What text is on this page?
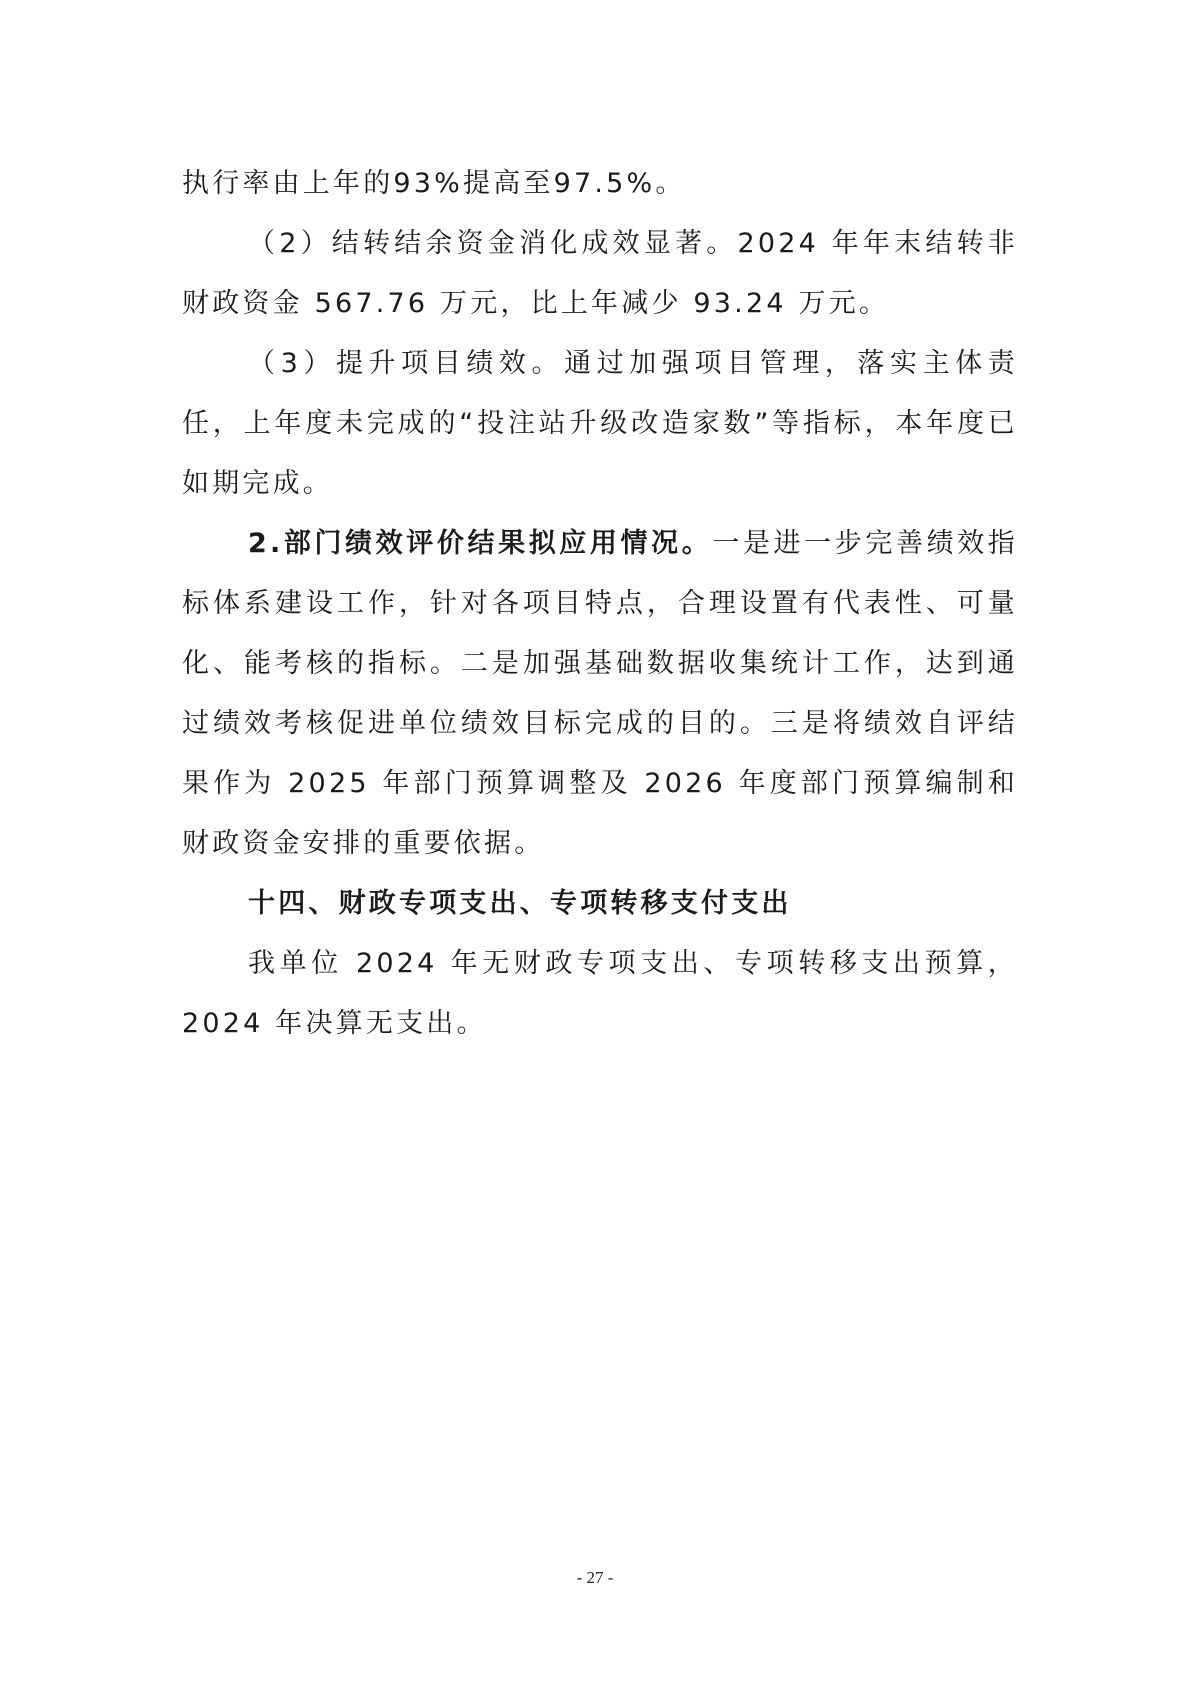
执行率由上年的93%提高至97.5%。

（2）结转结余资金消化成效显著。2024 年年末结转非财政资金 567.76 万元，比上年减少 93.24 万元。

（3）提升项目绩效。通过加强项目管理，落实主体责任，上年度未完成的“投注站升级改造家数”等指标，本年度已如期完成。

2.部门绩效评价结果拟应用情况。一是进一步完善绩效指标体系建设工作，针对各项目特点，合理设置有代表性、可量化、能考核的指标。二是加强基础数据收集统计工作，达到通过绩效考核促进单位绩效目标完成的目的。三是将绩效自评结果作为 2025 年部门预算调整及 2026 年度部门预算编制和财政资金安排的重要依据。

十四、财政专项支出、专项转移支付支出

我单位 2024 年无财政专项支出、专项转移支出预算，2024 年决算无支出。

- 27 -
